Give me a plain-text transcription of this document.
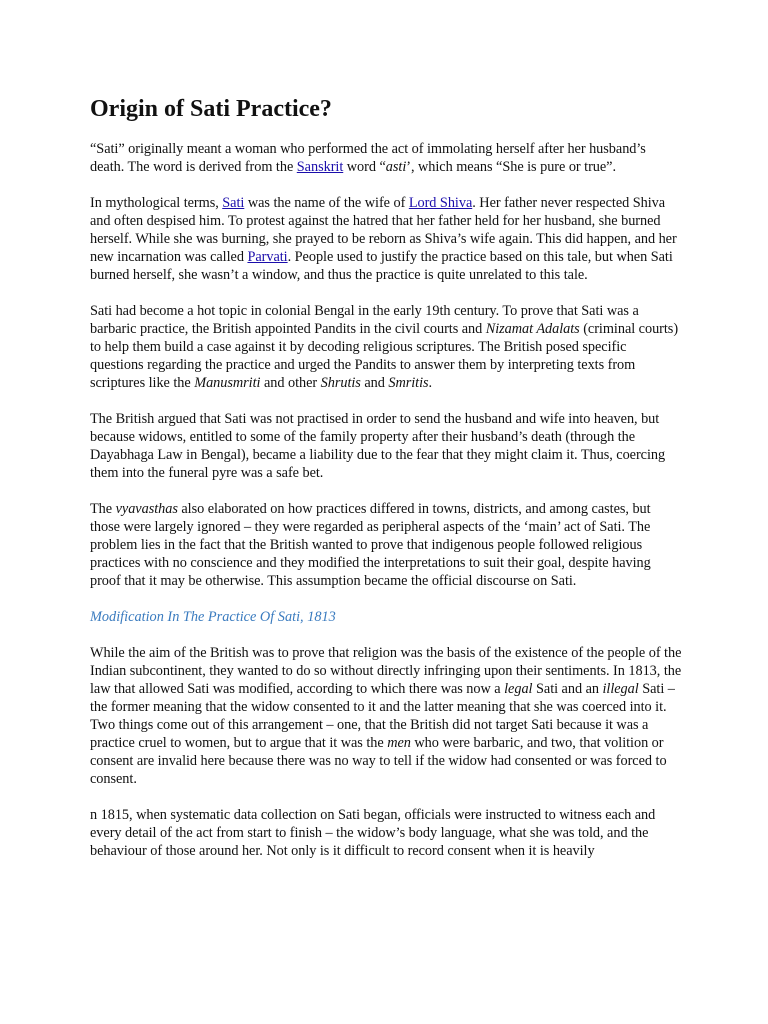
Origin of Sati Practice?

“Sati” originally meant a woman who performed the act of immolating herself after her husband’s death. The word is derived from the Sanskrit word “asti’, which means “She is pure or true”.

In mythological terms, Sati was the name of the wife of Lord Shiva. Her father never respected Shiva and often despised him. To protest against the hatred that her father held for her husband, she burned herself. While she was burning, she prayed to be reborn as Shiva’s wife again. This did happen, and her new incarnation was called Parvati. People used to justify the practice based on this tale, but when Sati burned herself, she wasn’t a window, and thus the practice is quite unrelated to this tale.

Sati had become a hot topic in colonial Bengal in the early 19th century. To prove that Sati was a barbaric practice, the British appointed Pandits in the civil courts and Nizamat Adalats (criminal courts) to help them build a case against it by decoding religious scriptures. The British posed specific questions regarding the practice and urged the Pandits to answer them by interpreting texts from scriptures like the Manusmriti and other Shrutis and Smritis.

The British argued that Sati was not practised in order to send the husband and wife into heaven, but because widows, entitled to some of the family property after their husband’s death (through the Dayabhaga Law in Bengal), became a liability due to the fear that they might claim it. Thus, coercing them into the funeral pyre was a safe bet.

The vyavasthas also elaborated on how practices differed in towns, districts, and among castes, but those were largely ignored – they were regarded as peripheral aspects of the ‘main’ act of Sati. The problem lies in the fact that the British wanted to prove that indigenous people followed religious practices with no conscience and they modified the interpretations to suit their goal, despite having proof that it may be otherwise. This assumption became the official discourse on Sati.

Modification In The Practice Of Sati, 1813

While the aim of the British was to prove that religion was the basis of the existence of the people of the Indian subcontinent, they wanted to do so without directly infringing upon their sentiments. In 1813, the law that allowed Sati was modified, according to which there was now a legal Sati and an illegal Sati – the former meaning that the widow consented to it and the latter meaning that she was coerced into it. Two things come out of this arrangement – one, that the British did not target Sati because it was a practice cruel to women, but to argue that it was the men who were barbaric, and two, that volition or consent are invalid here because there was no way to tell if the widow had consented or was forced to consent.

n 1815, when systematic data collection on Sati began, officials were instructed to witness each and every detail of the act from start to finish – the widow’s body language, what she was told, and the behaviour of those around her. Not only is it difficult to record consent when it is heavily
